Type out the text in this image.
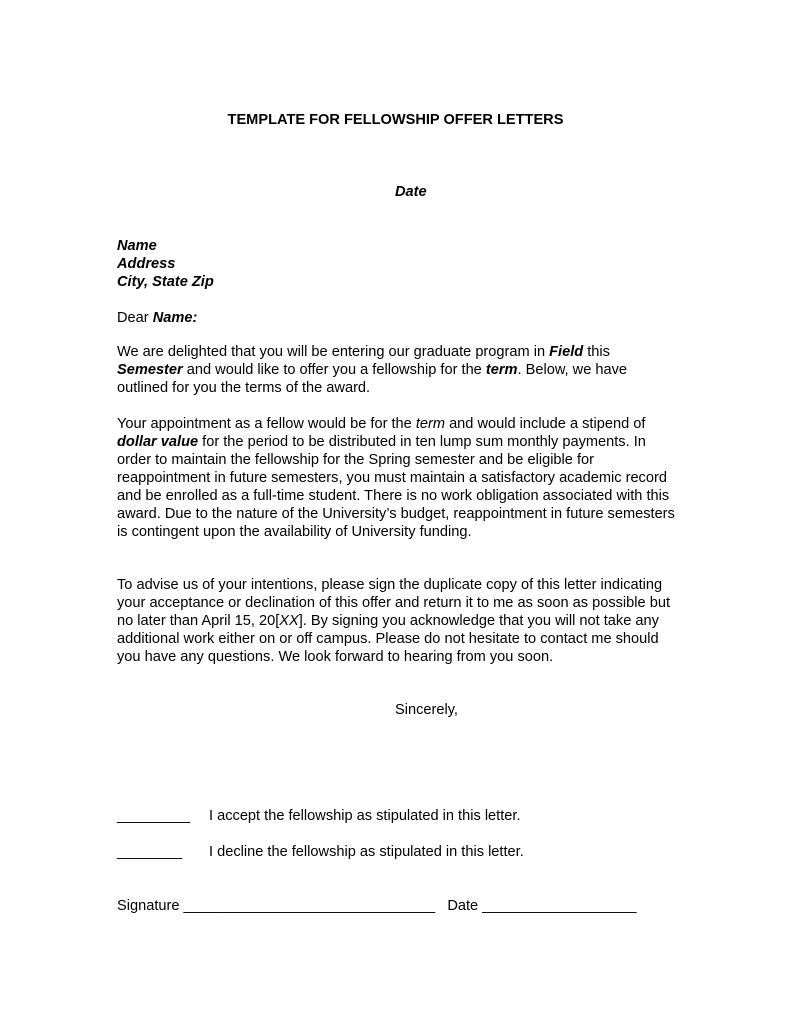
TEMPLATE FOR FELLOWSHIP OFFER LETTERS
Date
Name
Address
City, State Zip
Dear Name:
We are delighted that you will be entering our graduate program in Field this Semester and would like to offer you a fellowship for the term. Below, we have outlined for you the terms of the award.
Your appointment as a fellow would be for the term and would include a stipend of dollar value for the period to be distributed in ten lump sum monthly payments. In order to maintain the fellowship for the Spring semester and be eligible for reappointment in future semesters, you must maintain a satisfactory academic record and be enrolled as a full-time student. There is no work obligation associated with this award. Due to the nature of the University’s budget, reappointment in future semesters is contingent upon the availability of University funding.
To advise us of your intentions, please sign the duplicate copy of this letter indicating your acceptance or declination of this offer and return it to me as soon as possible but no later than April 15, 20[XX]. By signing you acknowledge that you will not take any additional work either on or off campus. Please do not hesitate to contact me should you have any questions. We look forward to hearing from you soon.
Sincerely,
_________ I accept the fellowship as stipulated in this letter.
________ I decline the fellowship as stipulated in this letter.
Signature _______________________________ Date ___________________
